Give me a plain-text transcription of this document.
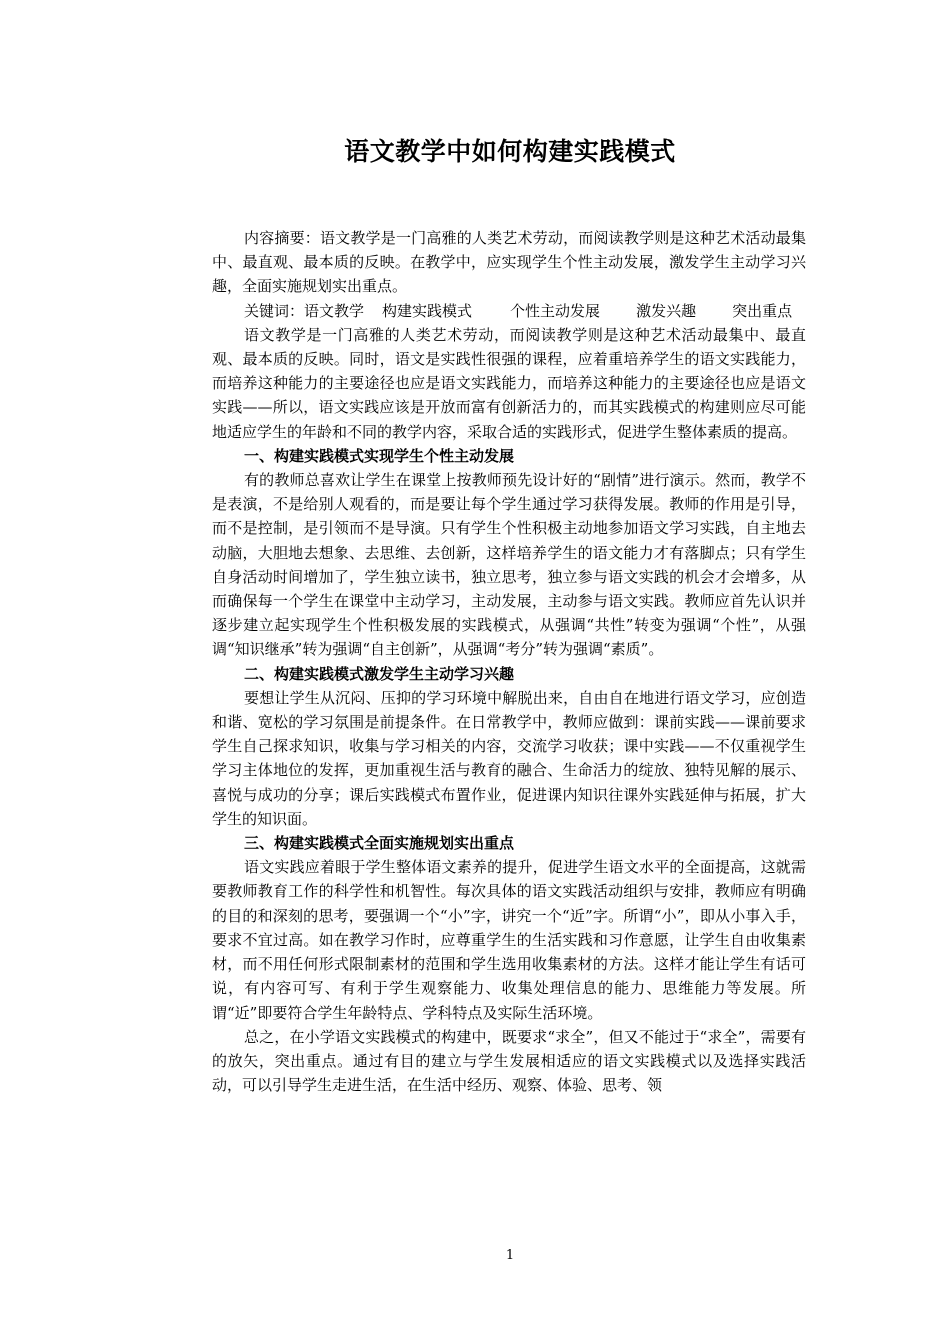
语文教学中如何构建实践模式

内容摘要：语文教学是一门高雅的人类艺术劳动，而阅读教学则是这种艺术活动最集中、最直观、最本质的反映。在教学中，应实现学生个性主动发展，激发学生主动学习兴趣，全面实施规划实出重点。

关键词：语文教学 构建实践模式	个性主动发展 激发兴趣 突出重点

语文教学是一门高雅的人类艺术劳动，而阅读教学则是这种艺术活动最集中、最直观、最本质的反映。同时，语文是实践性很强的课程，应着重培养学生的语文实践能力，而培养这种能力的主要途径也应是语文实践能力，而培养这种能力的主要途径也应是语文实践——所以，语文实践应该是开放而富有创新活力的，而其实践模式的构建则应尽可能地适应学生的年龄和不同的教学内容，采取合适的实践形式，促进学生整体素质的提高。

一、构建实践模式实现学生个性主动发展

有的教师总喜欢让学生在课堂上按教师预先设计好的“剧情”进行演示。然而，教学不是表演，不是给别人观看的，而是要让每个学生通过学习获得发展。教师的作用是引导，而不是控制，是引领而不是导演。只有学生个性积极主动地参加语文学习实践，自主地去动脑，大胆地去想象、去思维、去创新，这样培养学生的语文能力才有落脚点；只有学生自身活动时间增加了，学生独立读书，独立思考，独立参与语文实践的机会才会增多，从而确保每一个学生在课堂中主动学习，主动发展，主动参与语文实践。教师应首先认识并逐步建立起实现学生个性积极发展的实践模式，从强调“共性”转变为强调“个性”，从强调“知识继承”转为强调“自主创新”，从强调“考分”转为强调“素质”。

二、构建实践模式激发学生主动学习兴趣

要想让学生从沉闷、压抑的学习环境中解脱出来，自由自在地进行语文学习，应创造和谐、宽松的学习氛围是前提条件。在日常教学中，教师应做到：课前实践——课前要求学生自己探求知识，收集与学习相关的内容，交流学习收获；课中实践——不仅重视学生学习主体地位的发挥，更加重视生活与教育的融合、生命活力的绽放、独特见解的展示、喜悦与成功的分享；课后实践模式布置作业，促进课内知识往课外实践延伸与拓展，扩大学生的知识面。

三、构建实践模式全面实施规划实出重点

语文实践应着眼于学生整体语文素养的提升，促进学生语文水平的全面提高，这就需要教师教育工作的科学性和机智性。每次具体的语文实践活动组织与安排，教师应有明确的目的和深刻的思考，要强调一个“小”字，讲究一个“近”字。所谓“小”，即从小事入手，要求不宜过高。如在教学习作时，应尊重学生的生活实践和习作意愿，让学生自由收集素材，而不用任何形式限制素材的范围和学生选用收集素材的方法。这样才能让学生有话可说，有内容可写、有利于学生观察能力、收集处理信息的能力、思维能力等发展。所谓“近”即要符合学生年龄特点、学科特点及实际生活环境。

总之，在小学语文实践模式的构建中，既要求“求全”，但又不能过于“求全”，需要有的放矢，突出重点。通过有目的建立与学生发展相适应的语文实践模式以及选择实践活动，可以引导学生走进生活，在生活中经历、观察、体验、思考、领

1
